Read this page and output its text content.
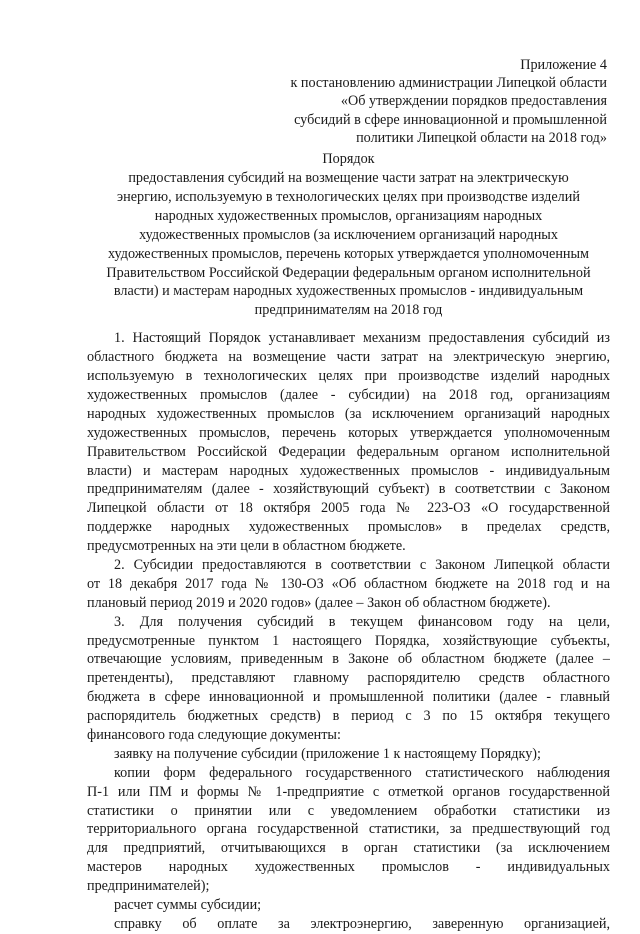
Приложение 4
к постановлению администрации Липецкой области
«Об утверждении порядков предоставления
субсидий в сфере инновационной и промышленной
политики Липецкой области на 2018 год»
Порядок
предоставления субсидий на возмещение части затрат на электрическую
энергию, используемую в технологических целях при производстве изделий
народных художественных промыслов, организациям народных
художественных промыслов (за исключением организаций народных
художественных промыслов, перечень которых утверждается уполномоченным
Правительством Российской Федерации федеральным органом исполнительной
власти) и мастерам народных художественных промыслов - индивидуальным
предпринимателям на 2018 год
1. Настоящий Порядок устанавливает механизм предоставления субсидий из
областного бюджета на возмещение части затрат на электрическую энергию,
используемую в технологических целях при производстве изделий народных
художественных промыслов (далее - субсидии) на 2018 год, организациям
народных художественных промыслов (за исключением организаций народных
художественных промыслов, перечень которых утверждается уполномоченным
Правительством Российской Федерации федеральным органом исполнительной
власти) и мастерам народных художественных промыслов - индивидуальным
предпринимателям (далее - хозяйствующий субъект) в соответствии с Законом
Липецкой области от 18 октября 2005 года № 223-ОЗ «О государственной
поддержке народных художественных промыслов» в пределах средств,
предусмотренных на эти цели в областном бюджете.
2. Субсидии предоставляются в соответствии с Законом Липецкой области
от 18 декабря 2017 года № 130-ОЗ «Об областном бюджете на 2018 год и на
плановый период 2019 и 2020 годов» (далее – Закон об областном бюджете).
3. Для получения субсидий в текущем финансовом году на цели,
предусмотренные пунктом 1 настоящего Порядка, хозяйствующие субъекты,
отвечающие условиям, приведенным в Законе об областном бюджете (далее –
претенденты), представляют главному распорядителю средств областного
бюджета в сфере инновационной и промышленной политики (далее - главный
распорядитель бюджетных средств) в период с 3 по 15 октября текущего
финансового года следующие документы:
заявку на получение субсидии (приложение 1 к настоящему Порядку);
копии форм федерального государственного статистического наблюдения
П-1 или ПМ и формы № 1-предприятие с отметкой органов государственной
статистики о принятии или с уведомлением обработки статистики из
территориального органа государственной статистики, за предшествующий год
для предприятий, отчитывающихся в орган статистики (за исключением
мастеров народных художественных промыслов - индивидуальных
предпринимателей);
расчет суммы субсидии;
справку об оплате за электроэнергию, заверенную организацией,
